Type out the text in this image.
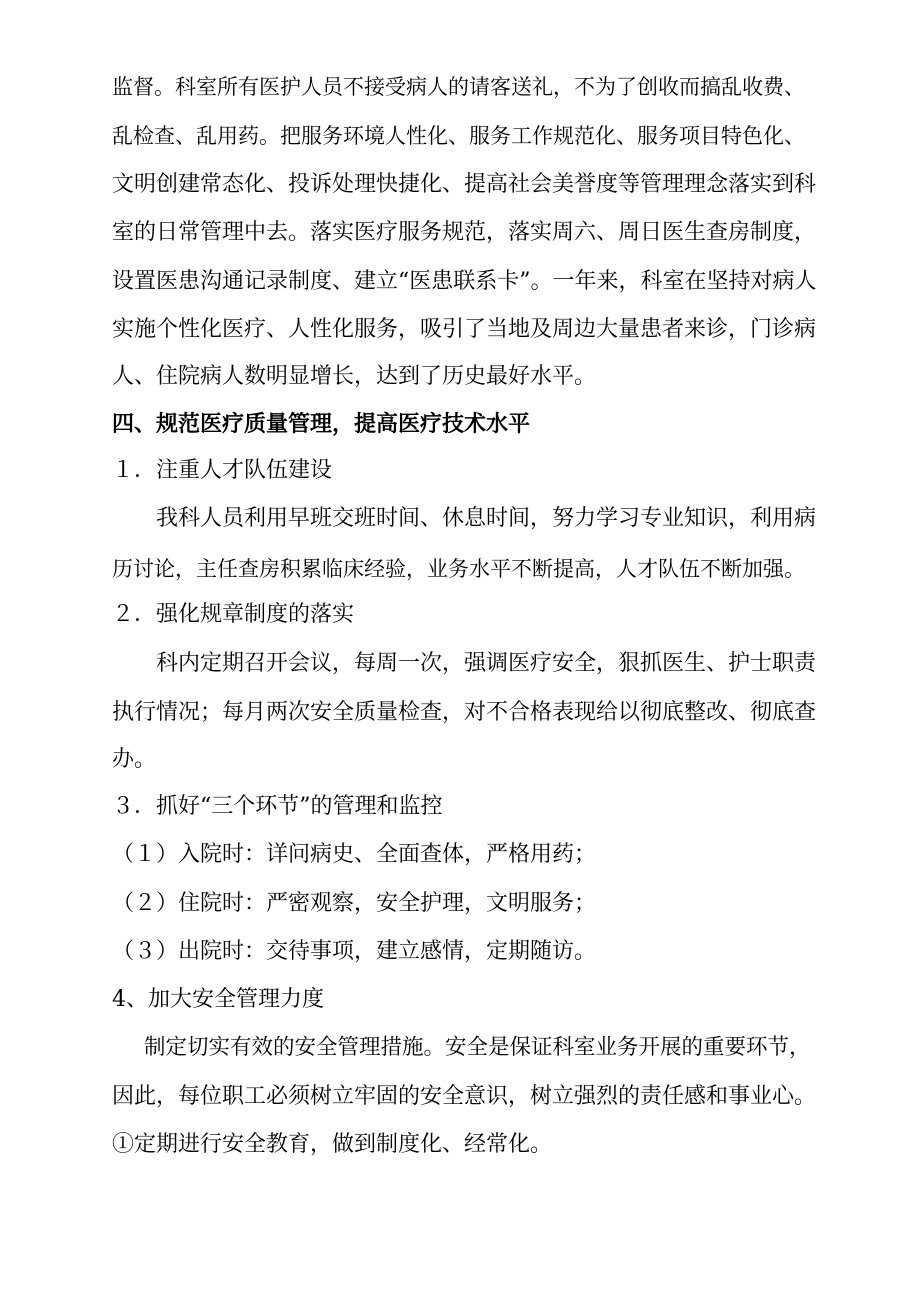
监督。科室所有医护人员不接受病人的请客送礼，不为了创收而搞乱收费、
乱检查、乱用药。把服务环境人性化、服务工作规范化、服务项目特色化、
文明创建常态化、投诉处理快捷化、提高社会美誉度等管理理念落实到科
室的日常管理中去。落实医疗服务规范，落实周六、周日医生查房制度，
设置医患沟通记录制度、建立“医患联系卡”。一年来，科室在坚持对病人
实施个性化医疗、人性化服务，吸引了当地及周边大量患者来诊，门诊病
人、住院病人数明显增长，达到了历史最好水平。
四、规范医疗质量管理，提高医疗技术水平
１．注重人才队伍建设
我科人员利用早班交班时间、休息时间，努力学习专业知识，利用病
历讨论，主任查房积累临床经验，业务水平不断提高，人才队伍不断加强。
２．强化规章制度的落实
科内定期召开会议，每周一次，强调医疗安全，狠抓医生、护士职责
执行情况；每月两次安全质量检查，对不合格表现给以彻底整改、彻底查
办。
３．抓好“三个环节”的管理和监控
（１）入院时：详问病史、全面查体，严格用药；
（２）住院时：严密观察，安全护理，文明服务；
（３）出院时：交待事项，建立感情，定期随访。
4、加大安全管理力度
制定切实有效的安全管理措施。安全是保证科室业务开展的重要环节，
因此，每位职工必须树立牢固的安全意识，树立强烈的责任感和事业心。
①定期进行安全教育，做到制度化、经常化。
